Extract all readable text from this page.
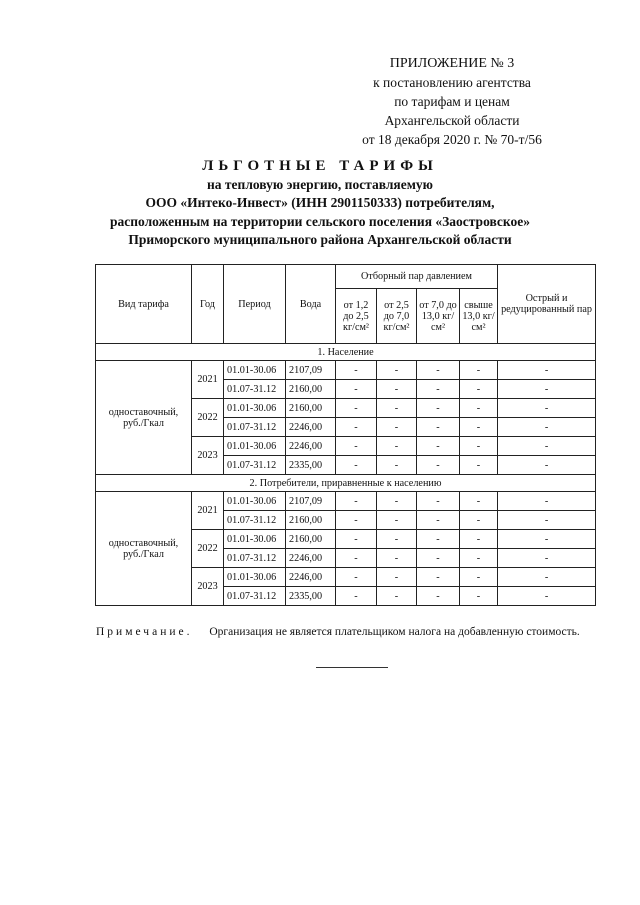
ПРИЛОЖЕНИЕ № 3
к постановлению агентства
по тарифам и ценам
Архангельской области
от 18 декабря 2020 г. № 70-т/56
ЛЬГОТНЫЕ ТАРИФЫ
на тепловую энергию, поставляемую
ООО «Интеко-Инвест» (ИНН 2901150333) потребителям,
расположенным на территории сельского поселения «Заостровское»
Приморского муниципального района Архангельской области
Вид тарифа	Год	Период	Вода	Отборный пар давлением				Острый и редуцированный пар
				от 1,2 до 2,5 кг/см²	от 2,5 до 7,0 кг/см²	от 7,0 до 13,0 кг/см²	свыше 13,0 кг/см²	
1. Население								
одноставочный, руб./Гкал	2021	01.01-30.06	2107,09	-	-	-	-	-
		01.07-31.12	2160,00	-	-	-	-	-
	2022	01.01-30.06	2160,00	-	-	-	-	-
		01.07-31.12	2246,00	-	-	-	-	-
	2023	01.01-30.06	2246,00	-	-	-	-	-
		01.07-31.12	2335,00	-	-	-	-	-
2. Потребители, приравненные к населению								
одноставочный, руб./Гкал	2021	01.01-30.06	2107,09	-	-	-	-	-
		01.07-31.12	2160,00	-	-	-	-	-
	2022	01.01-30.06	2160,00	-	-	-	-	-
		01.07-31.12	2246,00	-	-	-	-	-
	2023	01.01-30.06	2246,00	-	-	-	-	-
		01.07-31.12	2335,00	-	-	-	-	-
Примечание. Организация не является плательщиком налога на добавленную стоимость.
